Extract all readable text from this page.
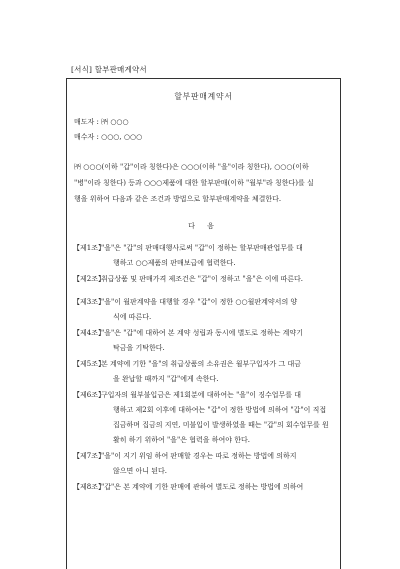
[서식] 할부판매계약서
할부판매계약서
매도자 : ㈜ ○○○
매수자 : ○○○, ○○○
㈜ ○○○(이하 "갑"이라 칭한다)은 ○○○(이하 "을"이라 칭한다), ○○○(이하
"병"이라 칭한다) 등과 ○○○제품에 대한 할부판매(이하 "월부"라 칭한다)를 실
행을 위하여 다음과 같은 조건과 방법으로 할부판매계약을 체결한다.
다 음
【제1조】
"을"은 "갑"의 판매대행사로써 "갑"이 정하는 할부판매관업무를 대
행하고 ○○제품의 판매보급에 협력한다.
【제2조】
취급상품 및 판매가격 제조건은 "갑"이 정하고 "을"은 이에 따른다.
【제3조】
"을"이 월판계약을 대행할 경우 "갑"이 정한 ○○월판계약서의 양
식에 따른다.
【제4조】
"을"은 "갑"에 대하여 본 계약 성립과 동시에 별도로 정하는 계약기
탁금을 기탁한다.
【제5조】
본 계약에 기한 "을"의 취급상품의 소유권은 월부구입자가 그 대금
을 완납할 때까지 "갑"에게 속한다.
【제6조】
구입자의 월부불입금은 제1회분에 대하여는 "을"이 징수업무를 대
행하고 제2회 이후에 대하여는 "갑"이 정한 방법에 의하여 "갑"이 직접
집금하며 집금의 지연, 미불입이 발생하였을 때는 "갑"의 회수업무를 원
활히 하기 위하여 "을"은 협력을 하여야 한다.
【제7조】
"을"이 지기 위임 하여 판매할 경우는 따로 정하는 방법에 의하지
않으면 아니 된다.
【제8조】
"갑"은 본 계약에 기한 판매에 관하여 별도로 정하는 방법에 의하여
